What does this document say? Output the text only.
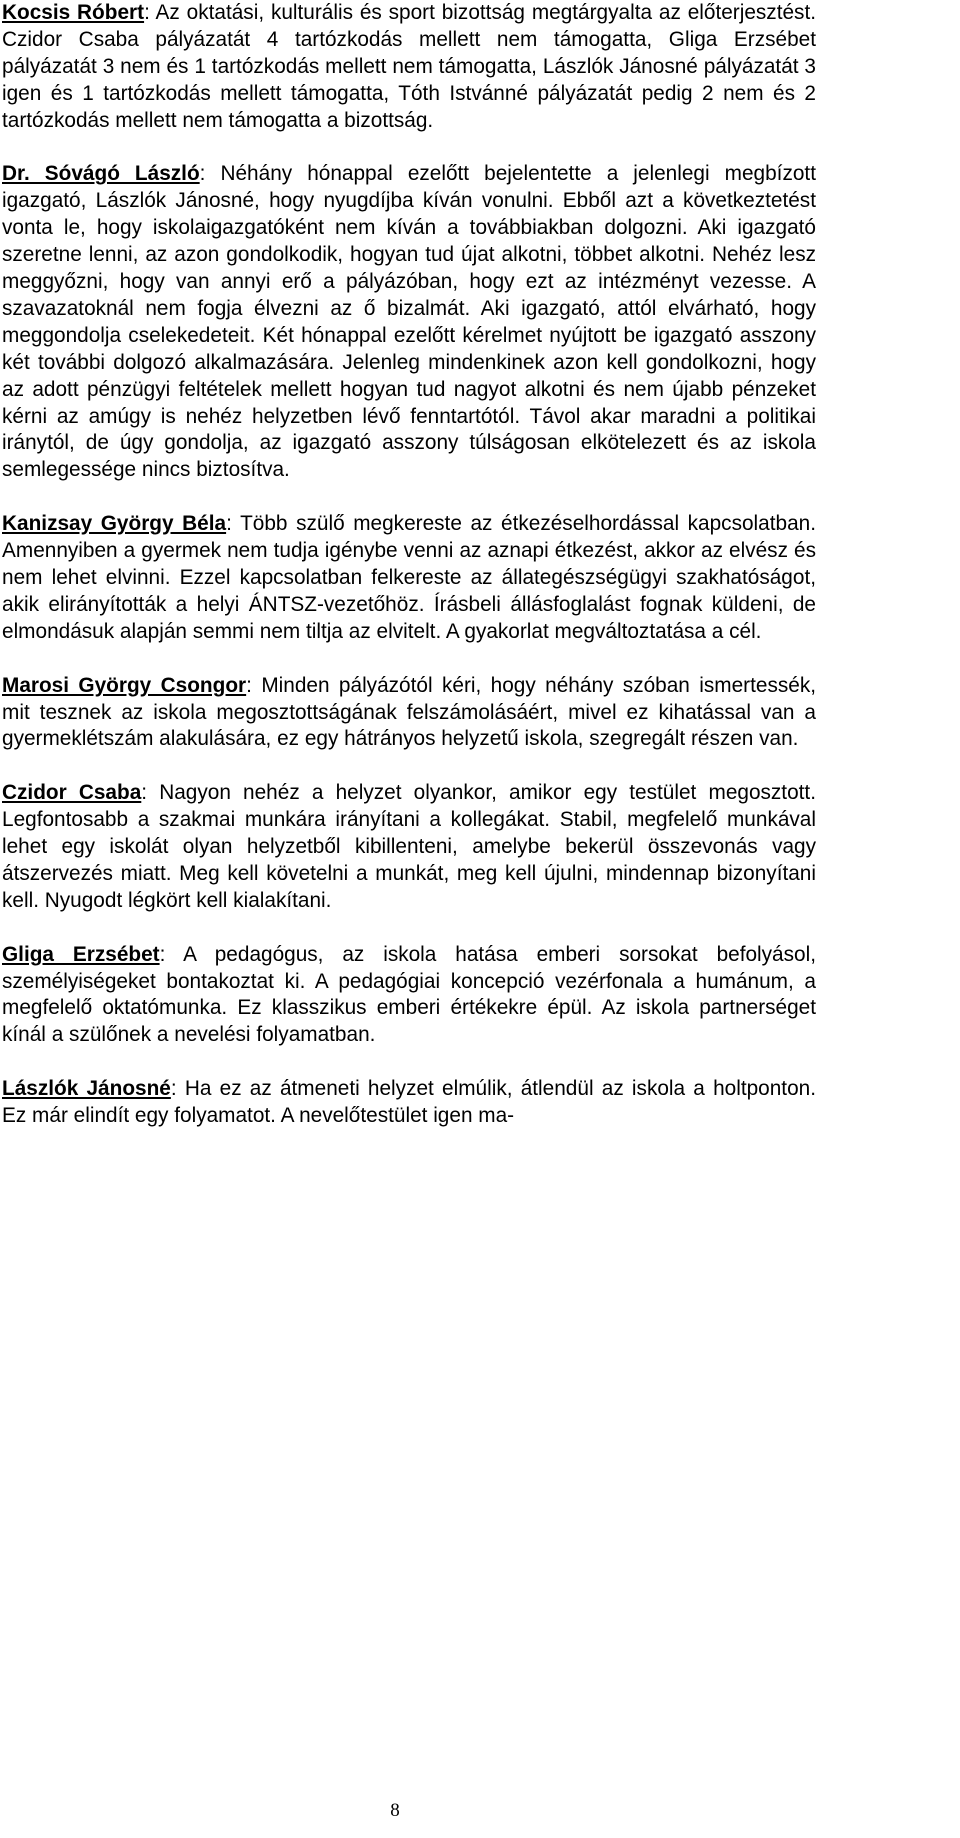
Kocsis Róbert: Az oktatási, kulturális és sport bizottság megtárgyalta az előterjesztést. Czidor Csaba pályázatát 4 tartózkodás mellett nem támogatta, Gliga Erzsébet pályázatát 3 nem és 1 tartózkodás mellett nem támogatta, Lászlók Jánosné pályázatát 3 igen és 1 tartózkodás mellett támogatta, Tóth Istvánné pályázatát pedig 2 nem és 2 tartózkodás mellett nem támogatta a bizottság.

Dr. Sóvágó László: Néhány hónappal ezelőtt bejelentette a jelenlegi megbízott igazgató, Lászlók Jánosné, hogy nyugdíjba kíván vonulni. Ebből azt a következtetést vonta le, hogy iskolaigazgatóként nem kíván a továbbiakban dolgozni. Aki igazgató szeretne lenni, az azon gondolkodik, hogyan tud újat alkotni, többet alkotni. Nehéz lesz meggyőzni, hogy van annyi erő a pályázóban, hogy ezt az intézményt vezesse. A szavazatoknál nem fogja élvezni az ő bizalmát. Aki igazgató, attól elvárható, hogy meggondolja cselekedeteit. Két hónappal ezelőtt kérelmet nyújtott be igazgató asszony két további dolgozó alkalmazására. Jelenleg mindenkinek azon kell gondolkozni, hogy az adott pénzügyi feltételek mellett hogyan tud nagyot alkotni és nem újabb pénzeket kérni az amúgy is nehéz helyzetben lévő fenntartótól. Távol akar maradni a politikai iránytól, de úgy gondolja, az igazgató asszony túlságosan elkötelezett és az iskola semlegessége nincs biztosítva.

Kanizsay György Béla: Több szülő megkereste az étkezéselhordással kapcsolatban. Amennyiben a gyermek nem tudja igénybe venni az aznapi étkezést, akkor az elvész és nem lehet elvinni. Ezzel kapcsolatban felkereste az állategészségügyi szakhatóságot, akik elirányították a helyi ÁNTSZ-vezetőhöz. Írásbeli állásfoglalást fognak küldeni, de elmondásuk alapján semmi nem tiltja az elvitelt. A gyakorlat megváltoztatása a cél.

Marosi György Csongor: Minden pályázótól kéri, hogy néhány szóban ismertessék, mit tesznek az iskola megosztottságának felszámolásáért, mivel ez kihatással van a gyermeklétszám alakulására, ez egy hátrányos helyzetű iskola, szegregált részen van.

Czidor Csaba: Nagyon nehéz a helyzet olyankor, amikor egy testület megosztott. Legfontosabb a szakmai munkára irányítani a kollegákat. Stabil, megfelelő munkával lehet egy iskolát olyan helyzetből kibillenteni, amelybe bekerül összevonás vagy átszervezés miatt. Meg kell követelni a munkát, meg kell újulni, mindennap bizonyítani kell. Nyugodt légkört kell kialakítani.

Gliga Erzsébet: A pedagógus, az iskola hatása emberi sorsokat befolyásol, személyiségeket bontakoztat ki. A pedagógiai koncepció vezérfonala a humánum, a megfelelő oktatómunka. Ez klasszikus emberi értékekre épül. Az iskola partnerséget kínál a szülőnek a nevelési folyamatban.

Lászlók Jánosné: Ha ez az átmeneti helyzet elmúlik, átlendül az iskola a holtponton. Ez már elindít egy folyamatot. A nevelőtestület igen ma-

8
